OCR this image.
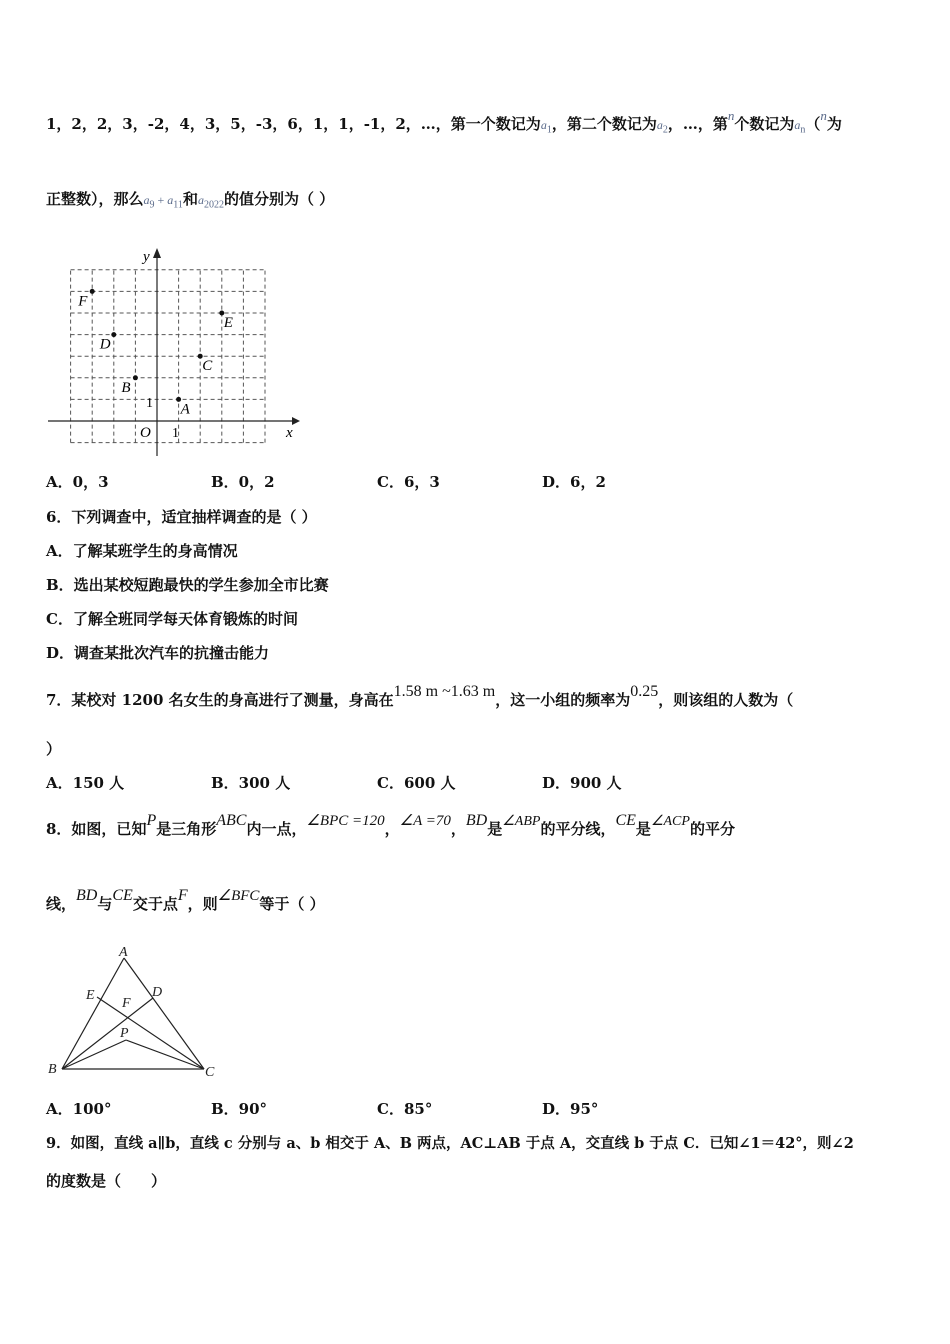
1，2，2，3，-2，4，3，5，-3，6，1，1，-1，2，…，第一个数记为$a_1$，第二个数记为$a_2$，…，第n个数记为$a_n(n$为
正整数），那么$a_9 + a_{11}$和$a_{2022}$的值分别为（ ）
x
y
O 1
1
F
E
D
C
B
A
A．0，3	B．0，2	C．6，3	D．6，2
6．下列调查中，适宜抽样调查的是（ ）
A．了解某班学生的身高情况
B．选出某校短跑最快的学生参加全市比赛
C．了解全班同学每天体育锻炼的时间
D．调查某批次汽车的抗撞击能力
7．某校对 1200 名女生的身高进行了测量，身高在1.58 m ~1.63 m，这一小组的频率为0.25，则该组的人数为（
）
A．150 人	B．300 人	C．600 人	D．900 人
8．如图，已知P是三角形ABC内一点，∠BPC =120，∠A =70，BD是∠ABP的平分线，CE是∠ACP的平分
线，BD与CE交于点F，则∠BFC等于（ ）
A
E	D
F
P
B	C
A．100°	B．90°	C．85°	D．95°
9．如图，直线 a∥b，直线 c 分别与 a、b 相交于 A、B 两点，AC⊥AB 于点 A，交直线 b 于点 C．已知∠1＝42°，则∠2
的度数是（　　）
